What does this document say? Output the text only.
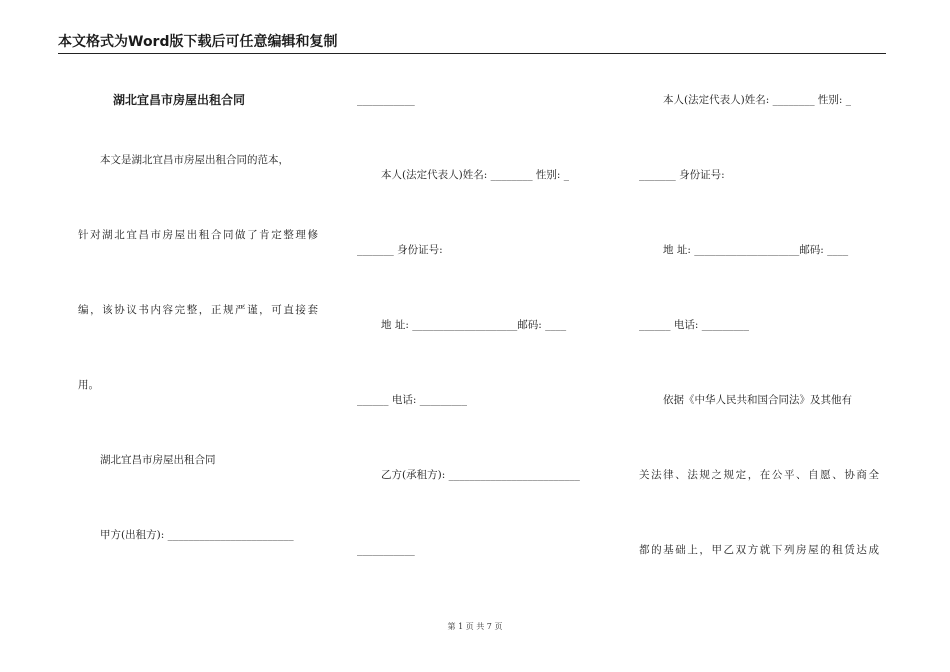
本文格式为Word版下载后可任意编辑和复制
湖北宜昌市房屋出租合同
本文是湖北宜昌市房屋出租合同的范本，
针对湖北宜昌市房屋出租合同做了肯定整理修
编，该协议书内容完整，正规严谨，可直接套
用。
湖北宜昌市房屋出租合同
甲方(出租方): ________________________
___________
本人(法定代表人)姓名: ________ 性别: _
_______ 身份证号:
地 址: ____________________邮码: ____
______ 电话: _________
乙方(承租方): _________________________
___________
本人(法定代表人)姓名: ________ 性别: _
_______ 身份证号:
地 址: ____________________邮码: ____
______ 电话: _________
依据《中华人民共和国合同法》及其他有
关法律、法规之规定，在公平、自愿、协商全
都的基础上，甲乙双方就下列房屋的租赁达成
第 1 页 共 7 页
